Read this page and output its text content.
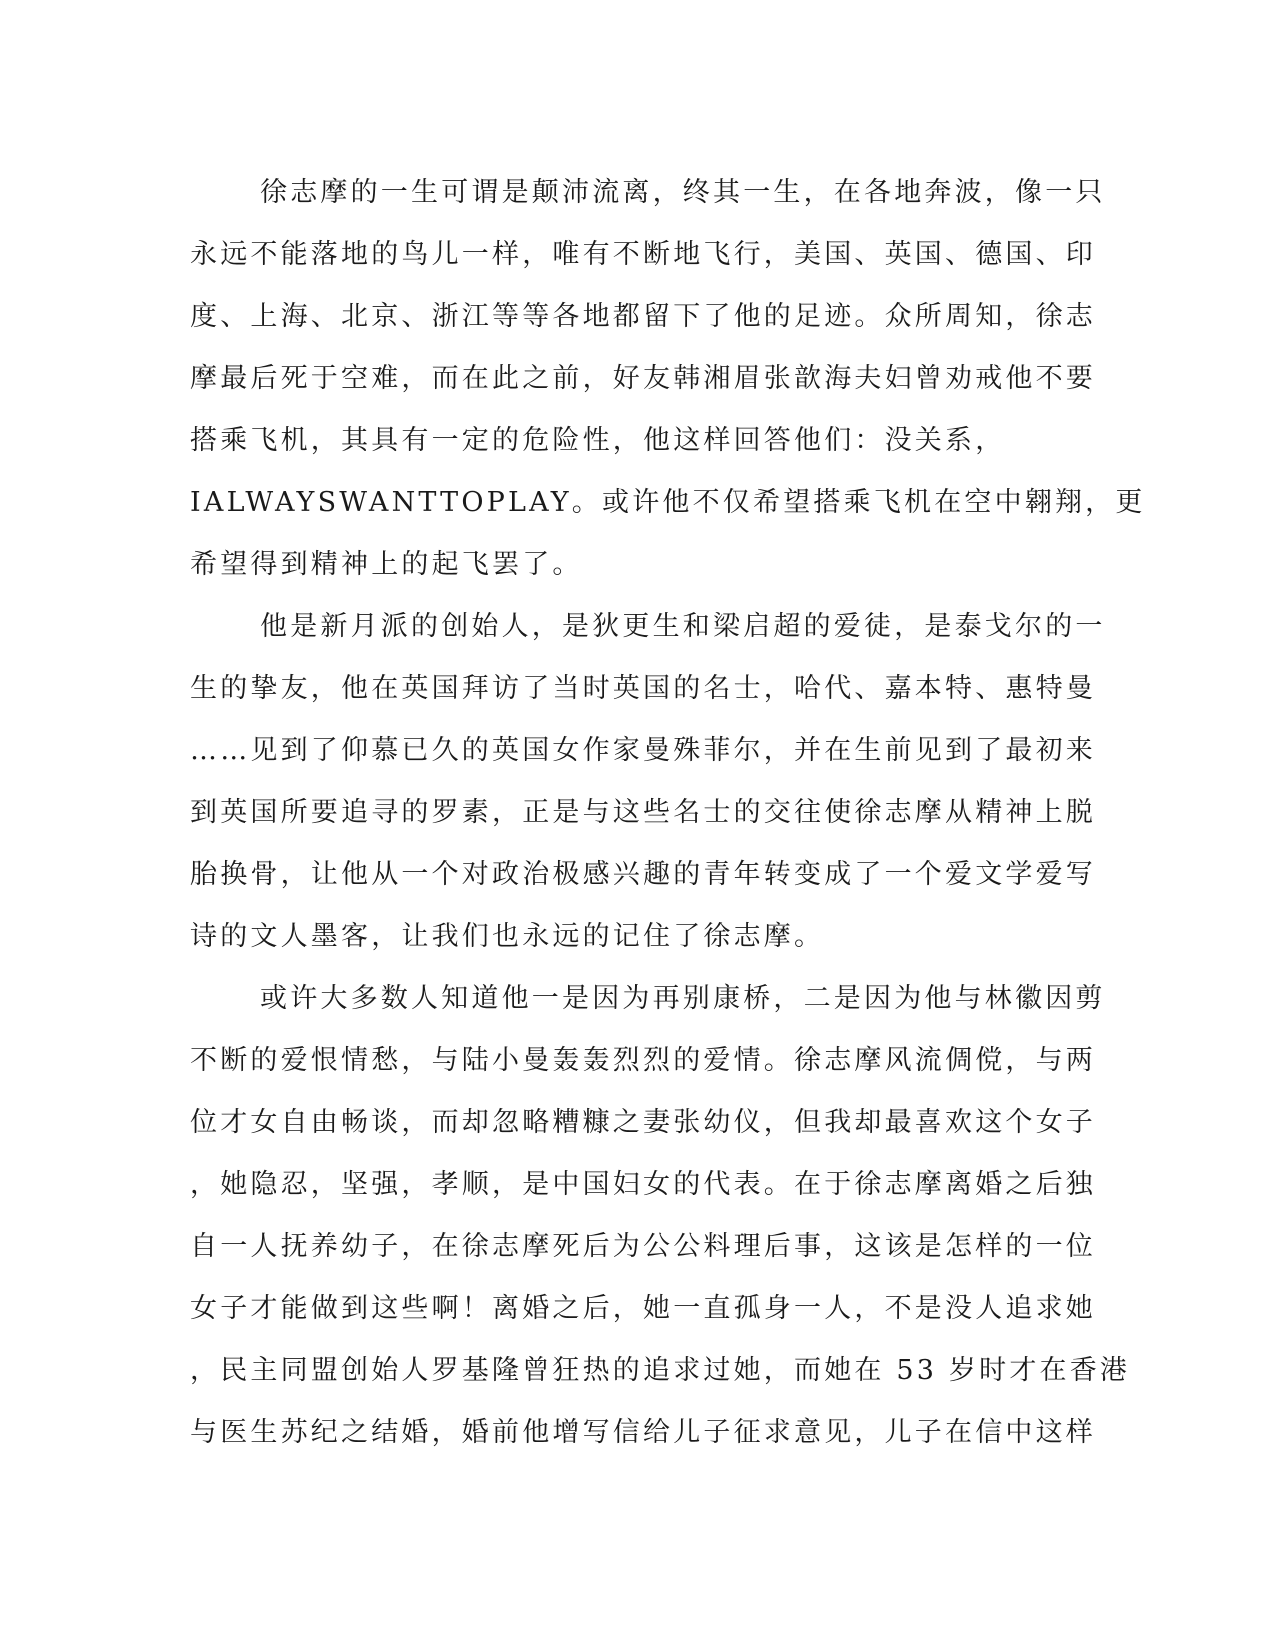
徐志摩的一生可谓是颠沛流离，终其一生，在各地奔波，像一只
永远不能落地的鸟儿一样，唯有不断地飞行，美国、英国、德国、印
度、上海、北京、浙江等等各地都留下了他的足迹。众所周知，徐志
摩最后死于空难，而在此之前，好友韩湘眉张歆海夫妇曾劝戒他不要
搭乘飞机，其具有一定的危险性，他这样回答他们：没关系，
IALWAYSWANTTOPLAY。或许他不仅希望搭乘飞机在空中翱翔，更
希望得到精神上的起飞罢了。
他是新月派的创始人，是狄更生和梁启超的爱徒，是泰戈尔的一
生的挚友，他在英国拜访了当时英国的名士，哈代、嘉本特、惠特曼
……见到了仰慕已久的英国女作家曼殊菲尔，并在生前见到了最初来
到英国所要追寻的罗素，正是与这些名士的交往使徐志摩从精神上脱
胎换骨，让他从一个对政治极感兴趣的青年转变成了一个爱文学爱写
诗的文人墨客，让我们也永远的记住了徐志摩。
或许大多数人知道他一是因为再别康桥，二是因为他与林徽因剪
不断的爱恨情愁，与陆小曼轰轰烈烈的爱情。徐志摩风流倜傥，与两
位才女自由畅谈，而却忽略糟糠之妻张幼仪，但我却最喜欢这个女子
，她隐忍，坚强，孝顺，是中国妇女的代表。在于徐志摩离婚之后独
自一人抚养幼子，在徐志摩死后为公公料理后事，这该是怎样的一位
女子才能做到这些啊！离婚之后，她一直孤身一人，不是没人追求她
，民主同盟创始人罗基隆曾狂热的追求过她，而她在 53 岁时才在香港
与医生苏纪之结婚，婚前他增写信给儿子征求意见，儿子在信中这样
